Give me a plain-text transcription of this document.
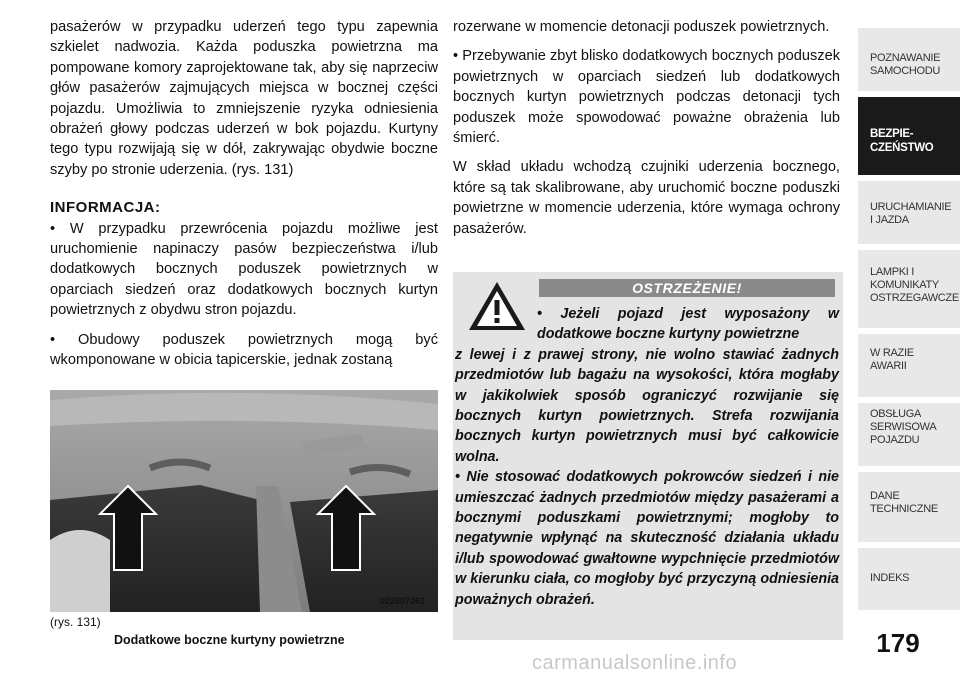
pasażerów w przypadku uderzeń tego typu zapewnia szkielet nadwozia. Każda poduszka powietrzna ma pompowane komory zaprojektowane tak, aby się naprzeciw głów pasażerów zajmujących miejsca w bocznej części pojazdu. Umożliwia to zmniejszenie ryzyka odniesienia obrażeń głowy podczas uderzeń w bok pojazdu. Kurtyny tego typu rozwijają się w dół, zakrywając obydwie boczne szyby po stronie uderzenia. (rys. 131)

INFORMACJA:

• W przypadku przewrócenia pojazdu możliwe jest uruchomienie napinaczy pasów bezpieczeństwa i/lub dodatkowych bocznych poduszek powietrznych w oparciach siedzeń oraz dodatkowych bocznych kurtyn powietrznych z obydwu stron pojazdu.

• Obudowy poduszek powietrznych mogą być wkomponowane w obicia tapicerskie, jednak zostaną

rozerwane w momencie detonacji poduszek powietrznych.

• Przebywanie zbyt blisko dodatkowych bocznych poduszek powietrznych w oparciach siedzeń lub dodatkowych bocznych kurtyn powietrznych podczas detonacji tych poduszek może spowodować poważne obrażenia lub śmierć.

W skład układu wchodzą czujniki uderzenia bocznego, które są tak skalibrowane, aby uruchomić boczne poduszki powietrzne w momencie uderzenia, które wymaga ochrony pasażerów.

OSTRZEŻENIE!

• Jeżeli pojazd jest wyposażony w dodatkowe boczne kurtyny powietrzne

z lewej i z prawej strony, nie wolno stawiać żadnych przedmiotów lub bagażu na wysokości, która mogłaby w jakikolwiek sposób ograniczyć rozwijanie się bocznych kurtyn powietrznych. Strefa rozwijania bocznych kurtyn powietrznych musi być całkowicie wolna.

• Nie stosować dodatkowych pokrowców siedzeń i nie umieszczać żadnych przedmiotów między pasażerami a bocznymi poduszkami powietrznymi; mogłoby to negatywnie wpłynąć na skuteczność działania układu i/lub spowodować gwałtowne wypchnięcie przedmiotów w kierunku ciała, co mogłoby być przyczyną odniesienia poważnych obrażeń.

022607261
(rys. 131)
Dodatkowe boczne kurtyny powietrzne
POZNAWANIE
SAMOCHODU
BEZPIE-
CZEŃSTWO
URUCHAMIANIE
I JAZDA
LAMPKI I
KOMUNIKATY
OSTRZEGAWCZE
W RAZIE
AWARII
OBSŁUGA
SERWISOWA
POJAZDU
DANE
TECHNICZNE
INDEKS
179
carmanualsonline.info
